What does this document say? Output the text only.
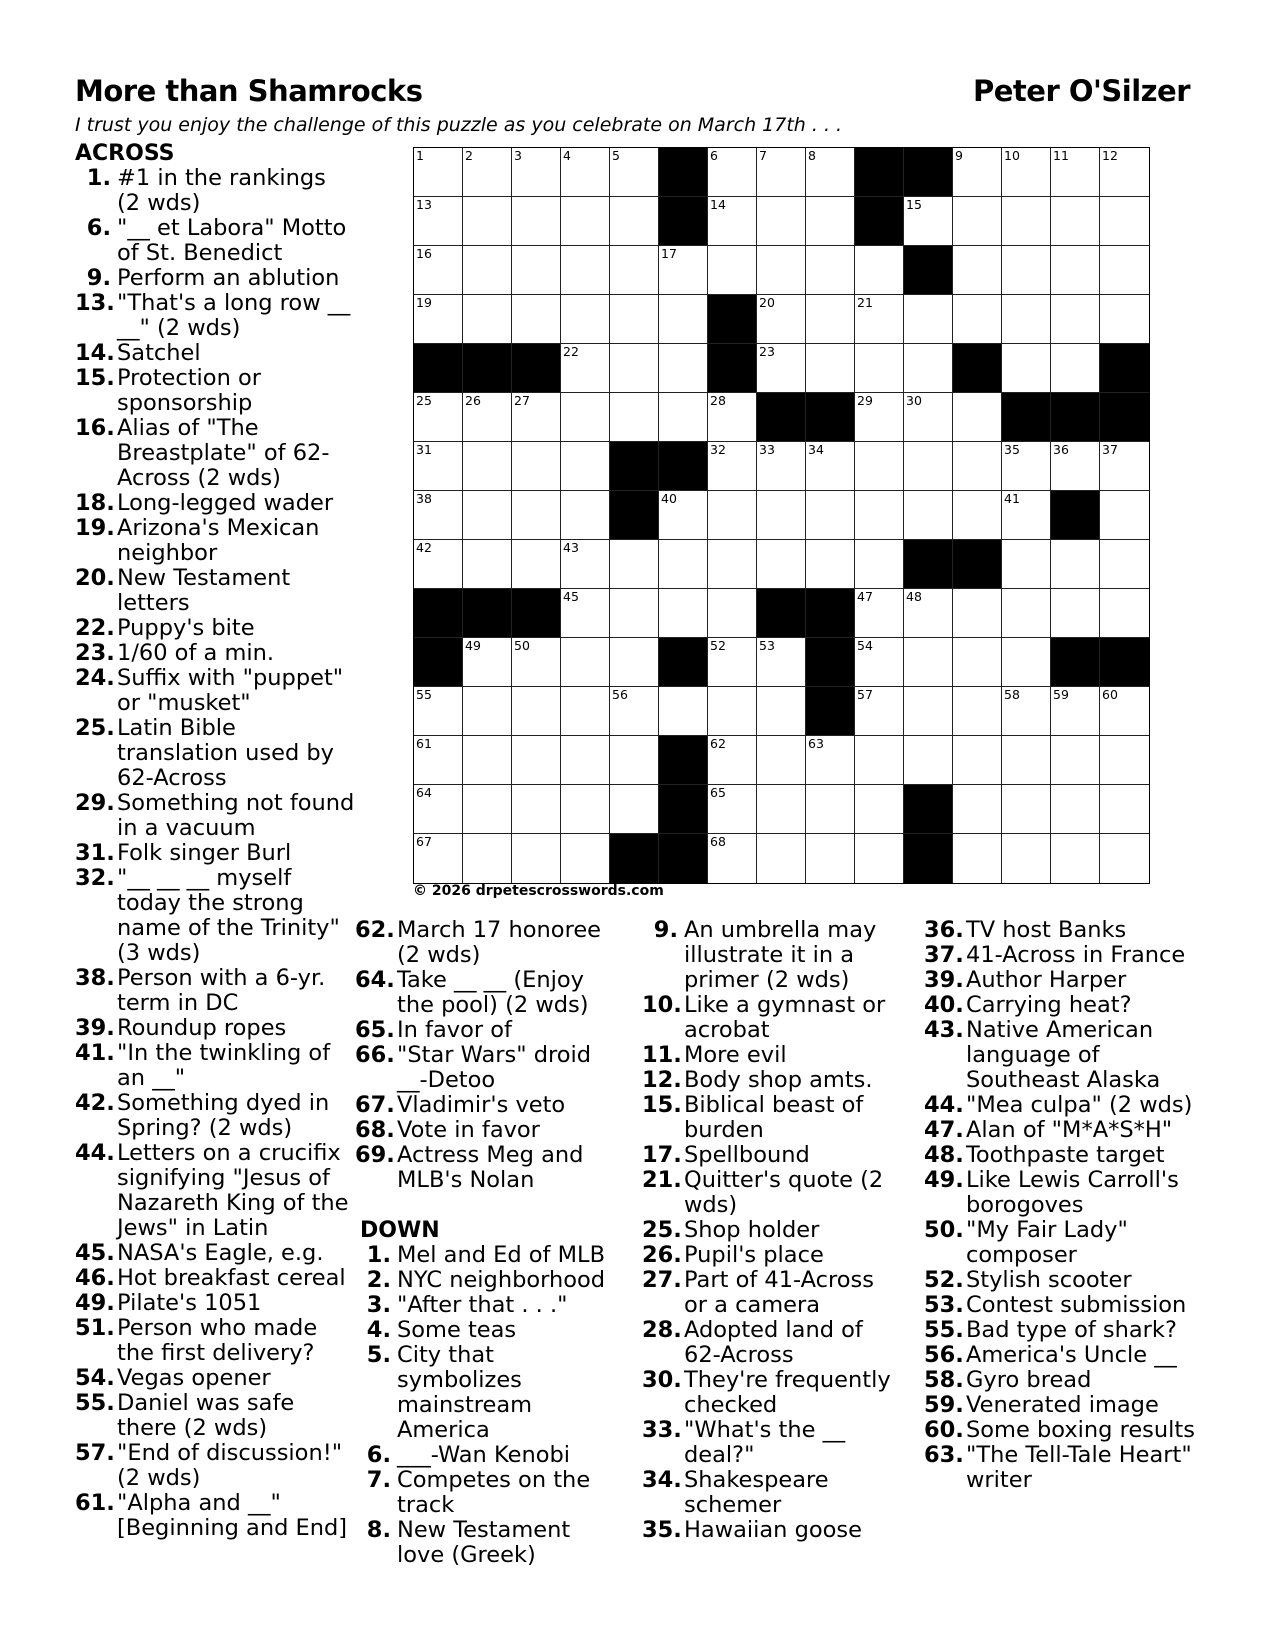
More than Shamrocks	Peter O'Silzer
I trust you enjoy the challenge of this puzzle as you celebrate on March 17th . . .
1	2	3	4	5	6	7	8	9	10	11	12
13	14	15
16	17
19	20	21
22	23
25	26	27	28	29	30
31	32	33	34	35	36	37
38	40	41
42	43
45	47	48
49	50	52	53	54
55	56	57	58	59	60
61	62	63
64	65
67	68
© 2026 drpetescrosswords.com
ACROSS
1. #1 in the rankings (2 wds)
6. "__ et Labora" Motto of St. Benedict
9. Perform an ablution
13. "That's a long row __ __" (2 wds)
14. Satchel
15. Protection or sponsorship
16. Alias of "The Breastplate" of 62-Across (2 wds)
18. Long-legged wader
19. Arizona's Mexican neighbor
20. New Testament letters
22. Puppy's bite
23. 1/60 of a min.
24. Suffix with "puppet" or "musket"
25. Latin Bible translation used by 62-Across
29. Something not found in a vacuum
31. Folk singer Burl
32. "__ __ __ myself today the strong name of the Trinity" (3 wds)
38. Person with a 6-yr. term in DC
39. Roundup ropes
41. "In the twinkling of an __"
42. Something dyed in Spring? (2 wds)
44. Letters on a crucifix signifying "Jesus of Nazareth King of the Jews" in Latin
45. NASA's Eagle, e.g.
46. Hot breakfast cereal
49. Pilate's 1051
51. Person who made the first delivery?
54. Vegas opener
55. Daniel was safe there (2 wds)
57. "End of discussion!" (2 wds)
61. "Alpha and __" [Beginning and End]
62. March 17 honoree (2 wds)
64. Take __ __ (Enjoy the pool) (2 wds)
65. In favor of
66. "Star Wars" droid __-Detoo
67. Vladimir's veto
68. Vote in favor
69. Actress Meg and MLB's Nolan
DOWN
1. Mel and Ed of MLB
2. NYC neighborhood
3. "After that . . ."
4. Some teas
5. City that symbolizes mainstream America
6. ___-Wan Kenobi
7. Competes on the track
8. New Testament love (Greek)
9. An umbrella may illustrate it in a primer (2 wds)
10. Like a gymnast or acrobat
11. More evil
12. Body shop amts.
15. Biblical beast of burden
17. Spellbound
21. Quitter's quote (2 wds)
25. Shop holder
26. Pupil's place
27. Part of 41-Across or a camera
28. Adopted land of 62-Across
30. They're frequently checked
33. "What's the __ deal?"
34. Shakespeare schemer
35. Hawaiian goose
36. TV host Banks
37. 41-Across in France
39. Author Harper
40. Carrying heat?
43. Native American language of Southeast Alaska
44. "Mea culpa" (2 wds)
47. Alan of "M*A*S*H"
48. Toothpaste target
49. Like Lewis Carroll's borogoves
50. "My Fair Lady" composer
52. Stylish scooter
53. Contest submission
55. Bad type of shark?
56. America's Uncle __
58. Gyro bread
59. Venerated image
60. Some boxing results
63. "The Tell-Tale Heart" writer
